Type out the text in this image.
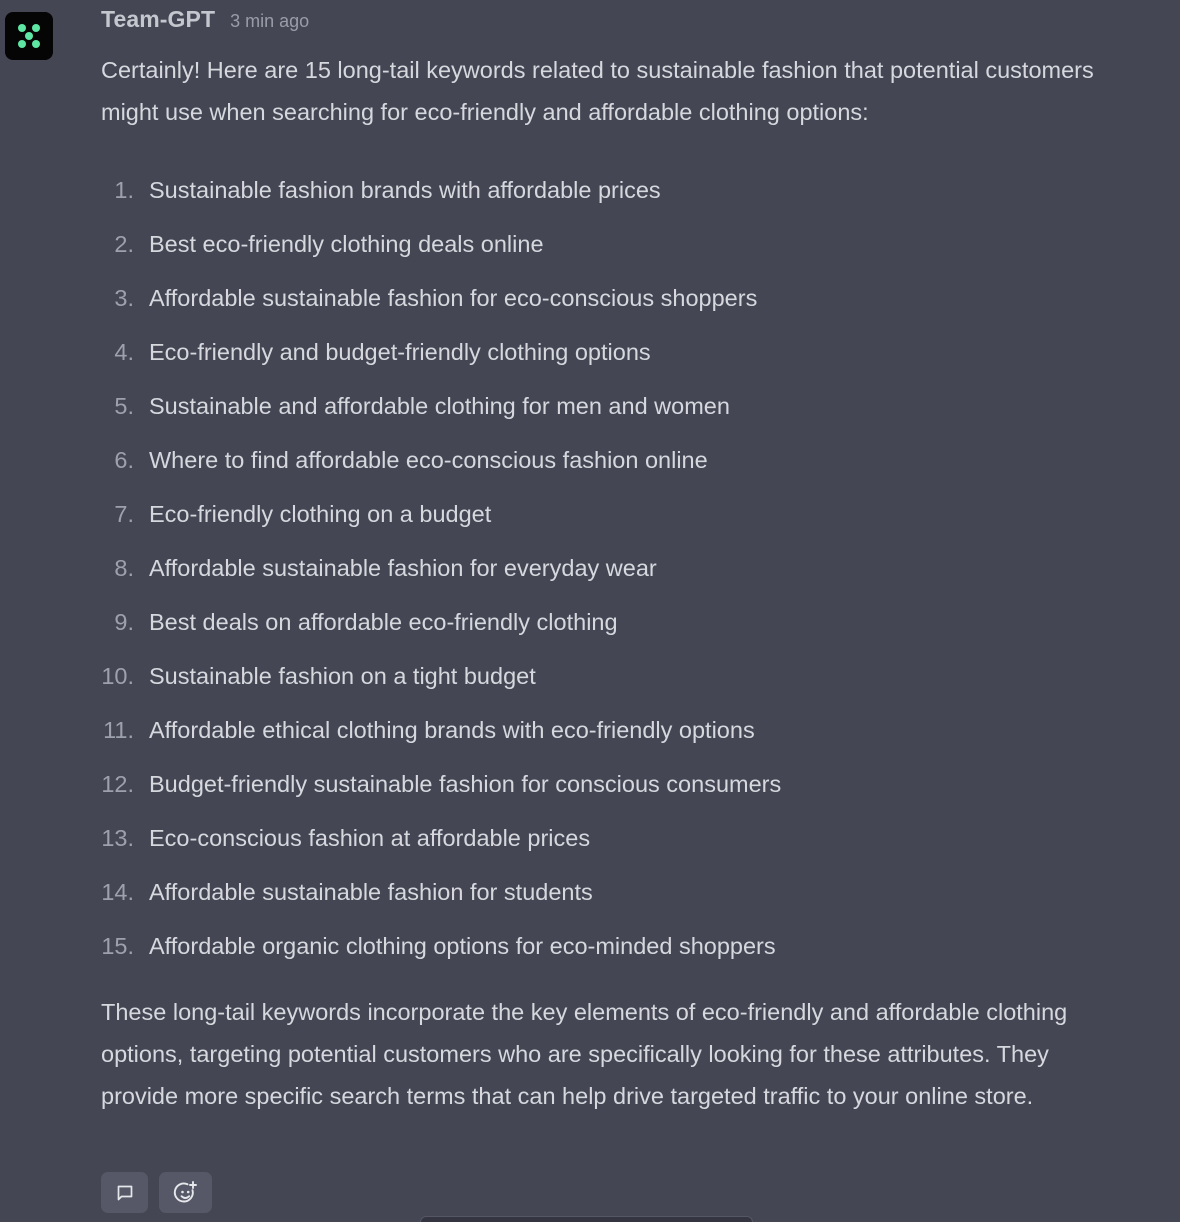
Team-GPT 3 min ago

Certainly! Here are 15 long-tail keywords related to sustainable fashion that potential customers might use when searching for eco-friendly and affordable clothing options:

1. Sustainable fashion brands with affordable prices
2. Best eco-friendly clothing deals online
3. Affordable sustainable fashion for eco-conscious shoppers
4. Eco-friendly and budget-friendly clothing options
5. Sustainable and affordable clothing for men and women
6. Where to find affordable eco-conscious fashion online
7. Eco-friendly clothing on a budget
8. Affordable sustainable fashion for everyday wear
9. Best deals on affordable eco-friendly clothing
10. Sustainable fashion on a tight budget
11. Affordable ethical clothing brands with eco-friendly options
12. Budget-friendly sustainable fashion for conscious consumers
13. Eco-conscious fashion at affordable prices
14. Affordable sustainable fashion for students
15. Affordable organic clothing options for eco-minded shoppers

These long-tail keywords incorporate the key elements of eco-friendly and affordable clothing options, targeting potential customers who are specifically looking for these attributes. They provide more specific search terms that can help drive targeted traffic to your online store.
